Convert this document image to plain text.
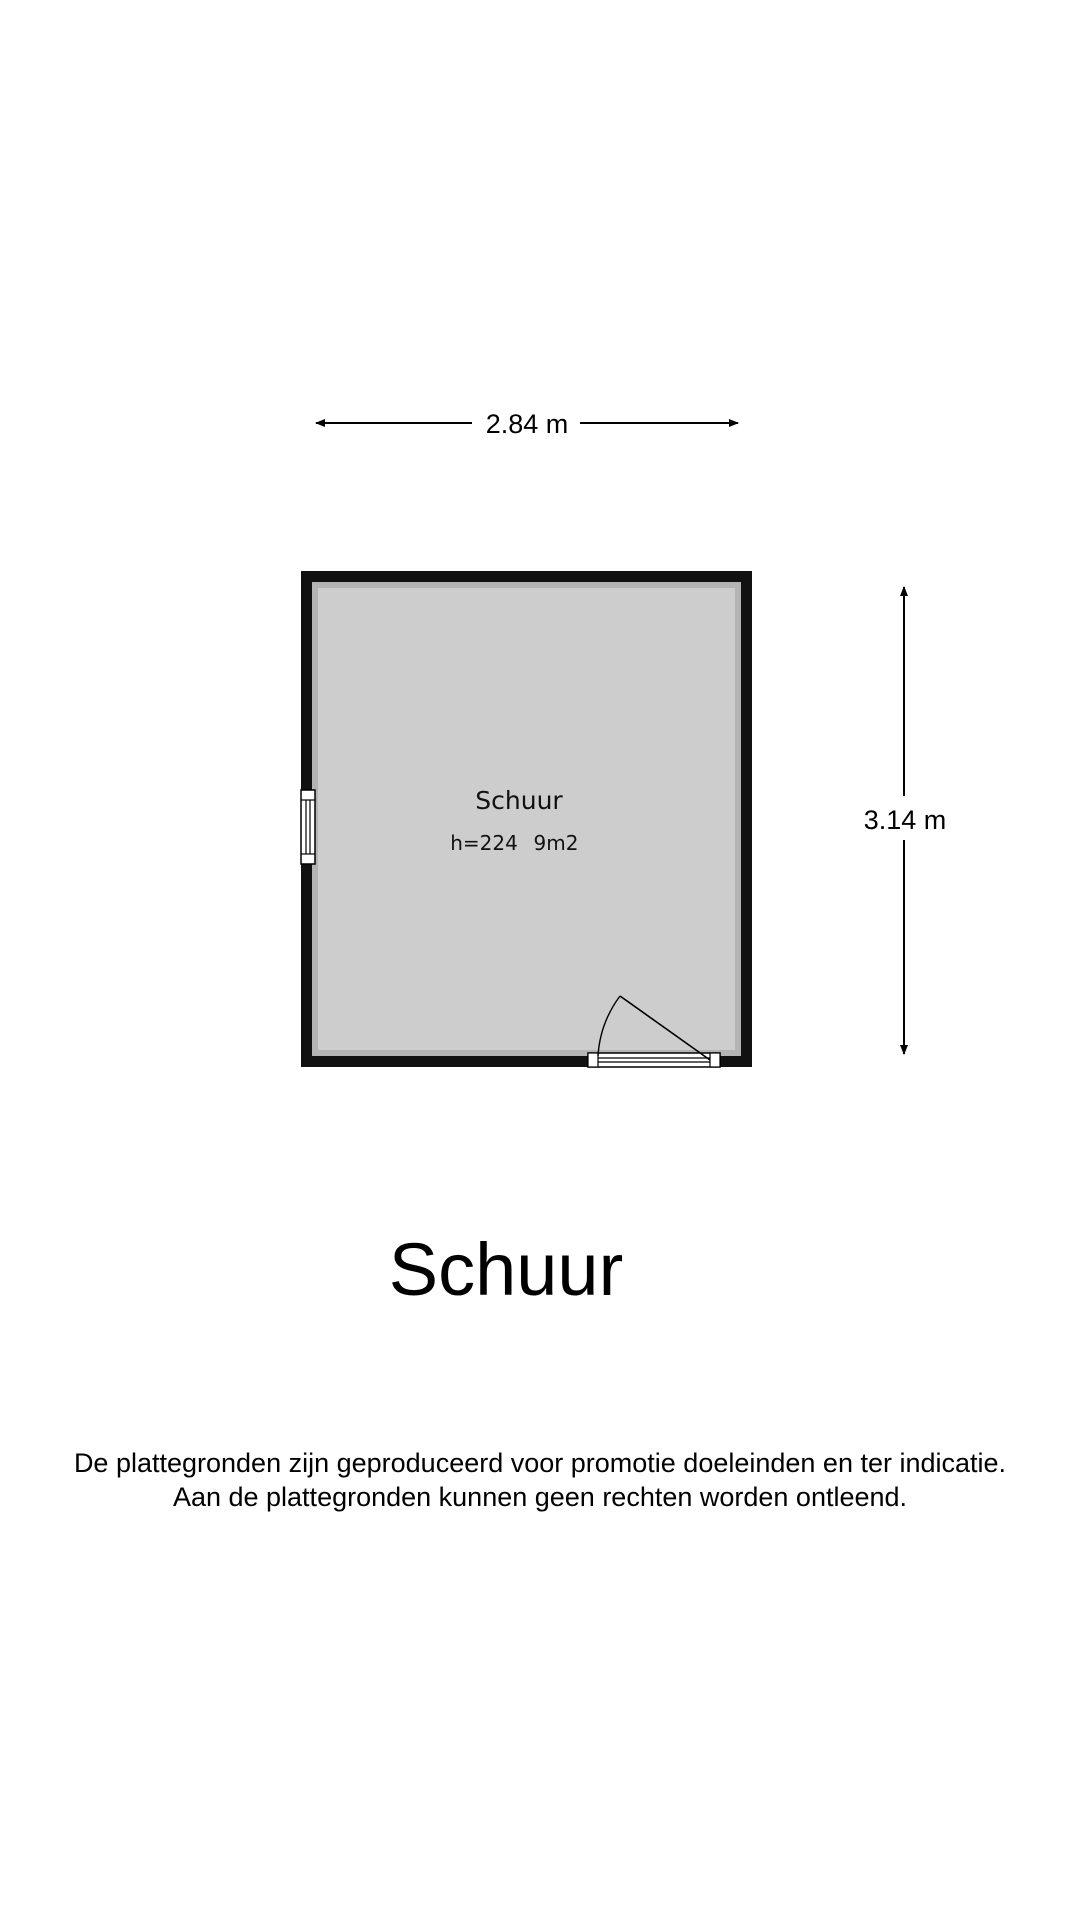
2.84 m
3.14 m
Schuur
h=224 9m2
Schuur
De plattegronden zijn geproduceerd voor promotie doeleinden en ter indicatie.
Aan de plattegronden kunnen geen rechten worden ontleend.
